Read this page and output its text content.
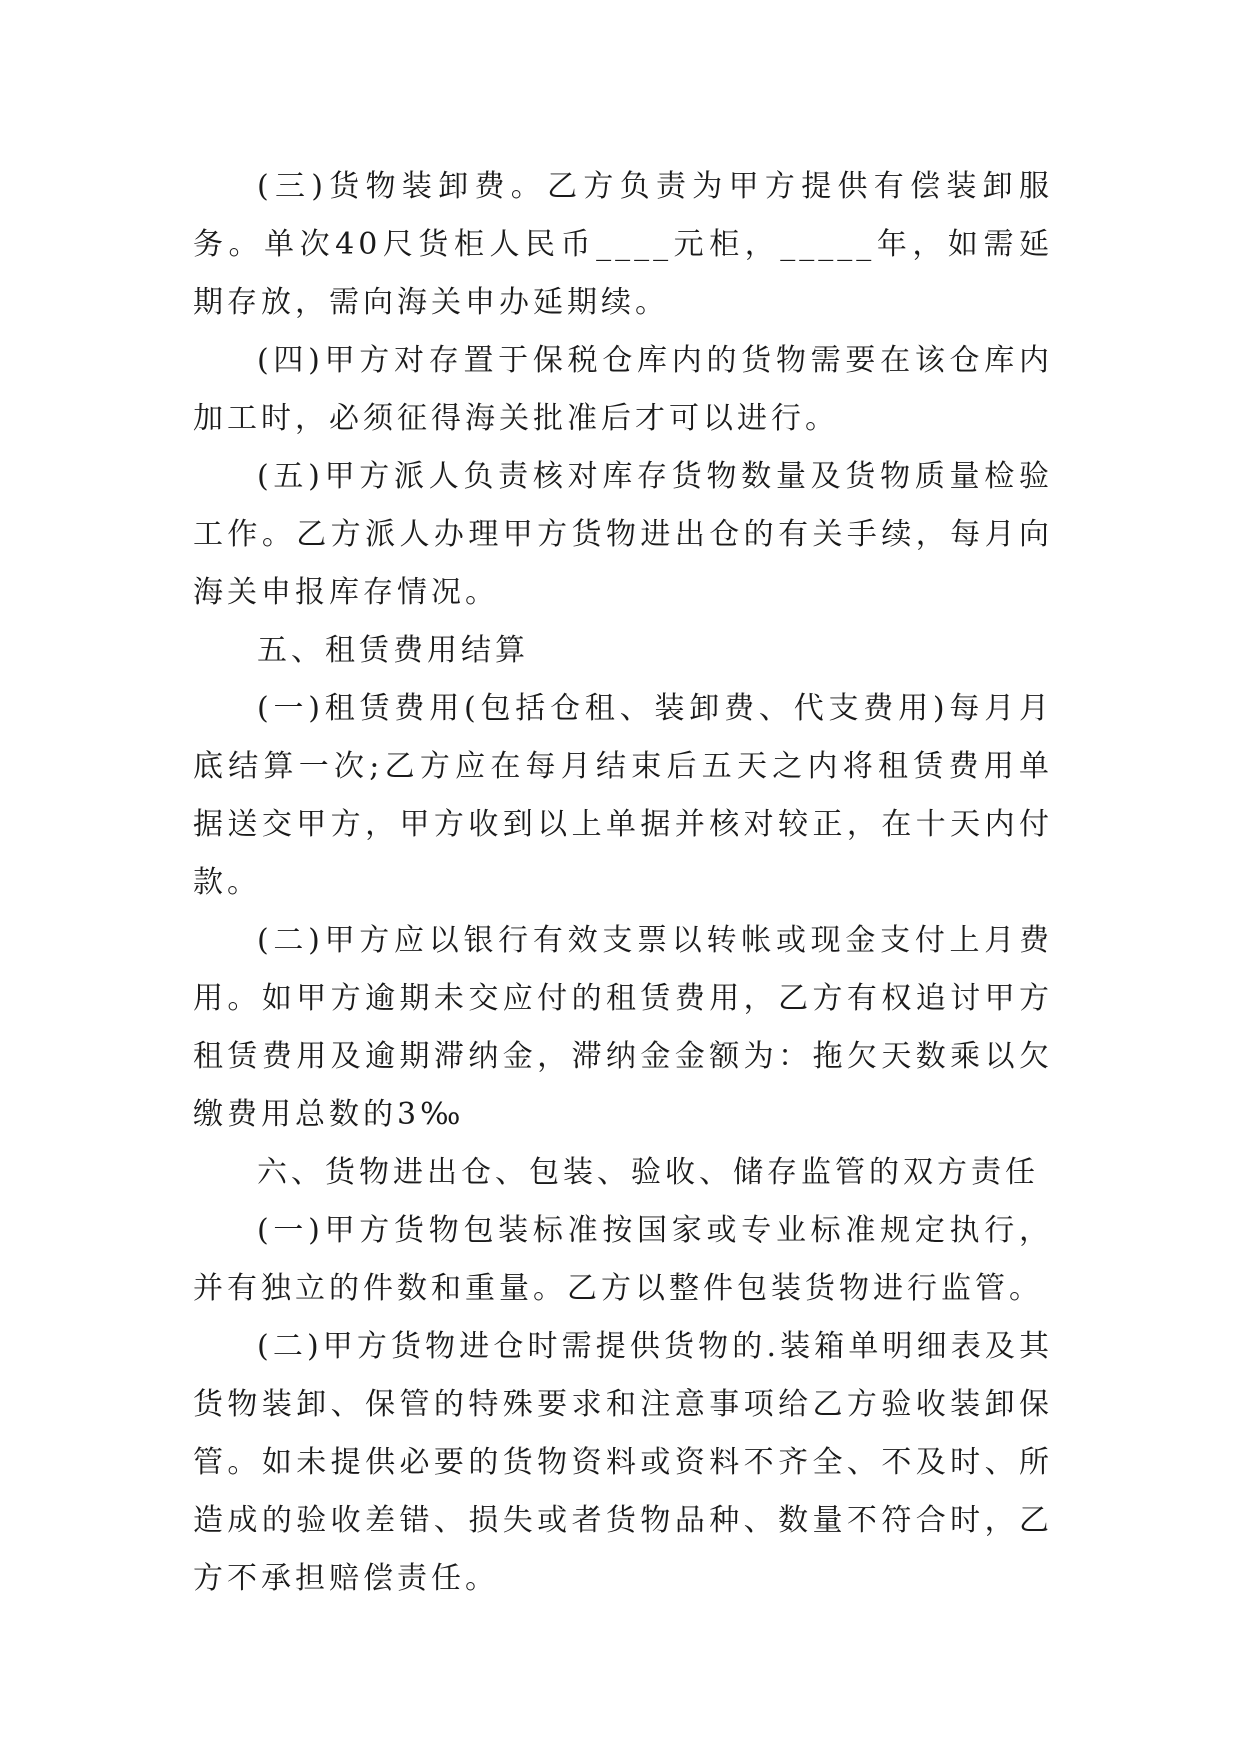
(三)货物装卸费。乙方负责为甲方提供有偿装卸服务。单次40尺货柜人民币____元柜，_____年，如需延期存放，需向海关申办延期续。

(四)甲方对存置于保税仓库内的货物需要在该仓库内加工时，必须征得海关批准后才可以进行。

(五)甲方派人负责核对库存货物数量及货物质量检验工作。乙方派人办理甲方货物进出仓的有关手续，每月向海关申报库存情况。

五、租赁费用结算

(一)租赁费用(包括仓租、装卸费、代支费用)每月月底结算一次;乙方应在每月结束后五天之内将租赁费用单据送交甲方，甲方收到以上单据并核对较正，在十天内付款。

(二)甲方应以银行有效支票以转帐或现金支付上月费用。如甲方逾期未交应付的租赁费用，乙方有权追讨甲方租赁费用及逾期滞纳金，滞纳金金额为：拖欠天数乘以欠缴费用总数的3‰

六、货物进出仓、包装、验收、储存监管的双方责任

(一)甲方货物包装标准按国家或专业标准规定执行，并有独立的件数和重量。乙方以整件包装货物进行监管。

(二)甲方货物进仓时需提供货物的.装箱单明细表及其货物装卸、保管的特殊要求和注意事项给乙方验收装卸保管。如未提供必要的货物资料或资料不齐全、不及时、所造成的验收差错、损失或者货物品种、数量不符合时，乙方不承担赔偿责任。
